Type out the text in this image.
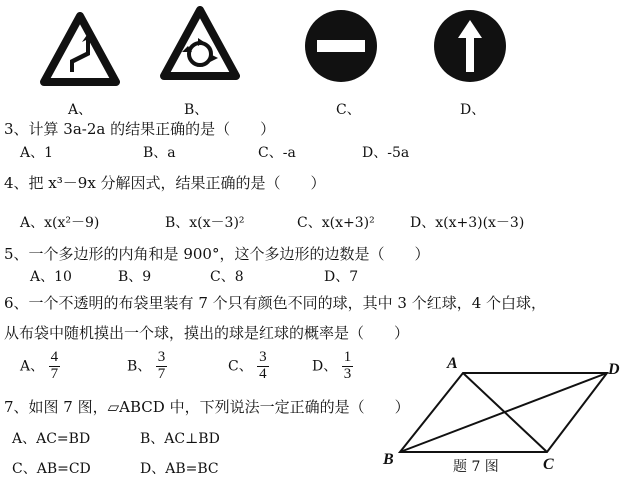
A、	B、	C、	D、
3、计算 3a-2a 的结果正确的是（　　）
A、1	B、a	C、-a	D、-5a
4、把 x³－9x 分解因式，结果正确的是（　　）
A、x(x²－9)	B、x(x－3)²	C、x(x+3)²	D、x(x+3)(x－3)
5、一个多边形的内角和是 900°，这个多边形的边数是（　　）
A、10	B、9	C、8	D、7
6、一个不透明的布袋里装有 7 个只有颜色不同的球，其中 3 个红球，4 个白球，
从布袋中随机摸出一个球，摸出的球是红球的概率是（　　）
A、 $\frac{4}{7}$	B、 $\frac{3}{7}$	C、 $\frac{3}{4}$	D、 $\frac{1}{3}$
7、如图 7 图，▱ABCD 中，下列说法一定正确的是（　　）
A、AC=BD	B、AC⊥BD
C、AB=CD	D、AB=BC
A	D
B	C
题 7 图
